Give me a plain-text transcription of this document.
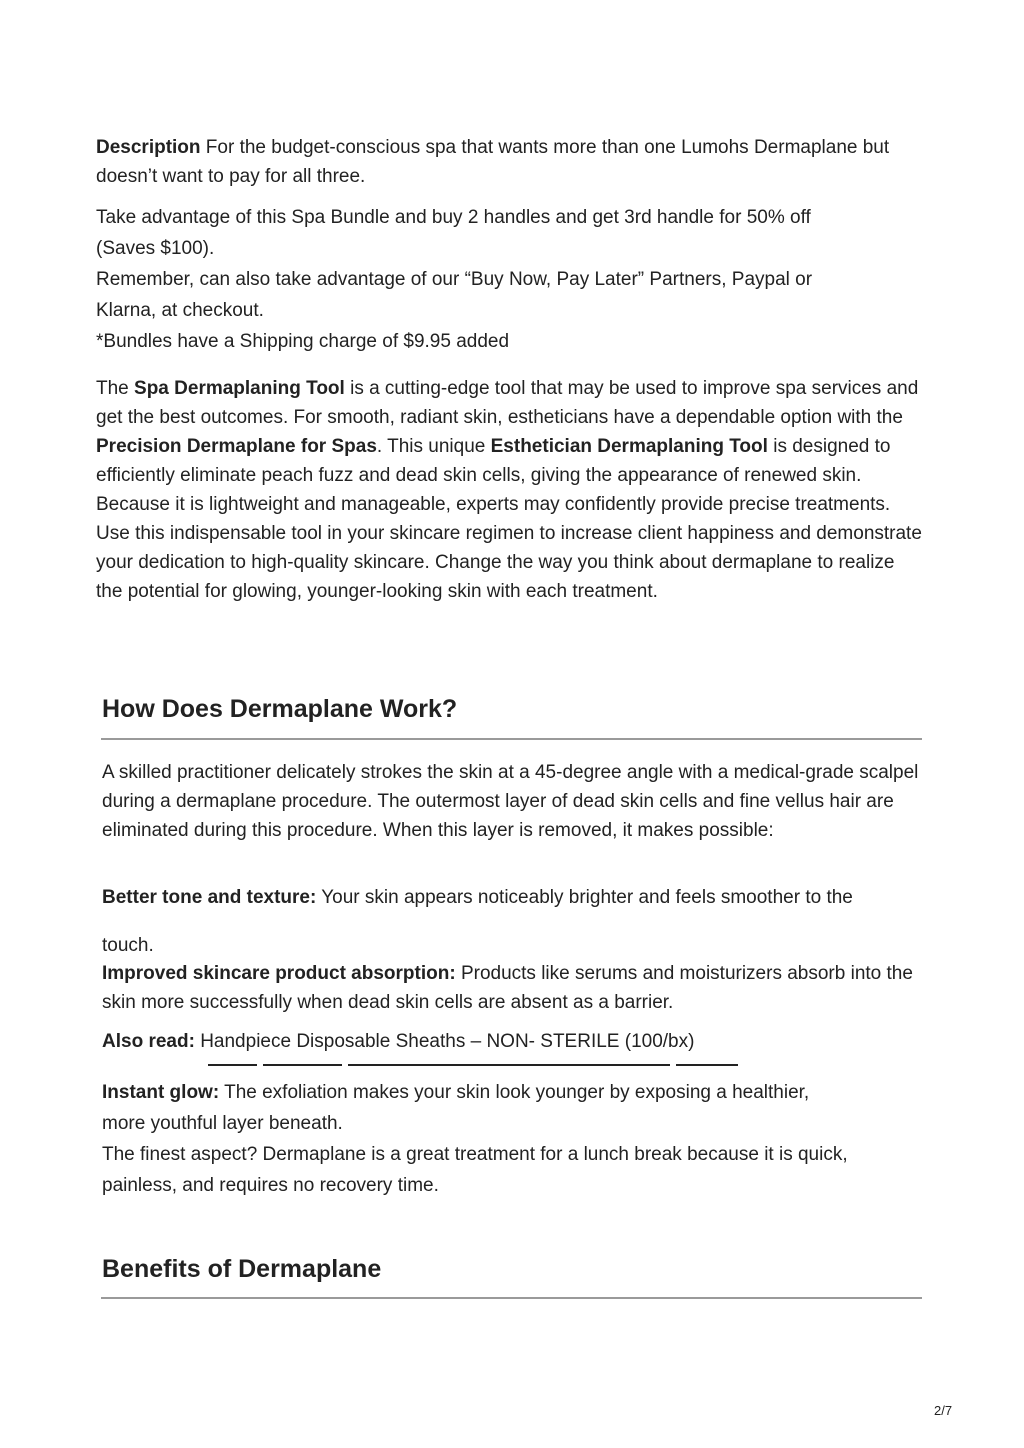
Description For the budget-conscious spa that wants more than one Lumohs Dermaplane but doesn’t want to pay for all three.

Take advantage of this Spa Bundle and buy 2 handles and get 3rd handle for 50% off
(Saves $100).
Remember, can also take advantage of our “Buy Now, Pay Later” Partners, Paypal or
Klarna, at checkout.
*Bundles have a Shipping charge of $9.95 added

The Spa Dermaplaning Tool is a cutting-edge tool that may be used to improve spa services and get the best outcomes. For smooth, radiant skin, estheticians have a dependable option with the Precision Dermaplane for Spas. This unique Esthetician Dermaplaning Tool is designed to efficiently eliminate peach fuzz and dead skin cells, giving the appearance of renewed skin. Because it is lightweight and manageable, experts may confidently provide precise treatments. Use this indispensable tool in your skincare regimen to increase client happiness and demonstrate your dedication to high-quality skincare. Change the way you think about dermaplane to realize the potential for glowing, younger-looking skin with each treatment.

How Does Dermaplane Work?

A skilled practitioner delicately strokes the skin at a 45-degree angle with a medical-grade scalpel during a dermaplane procedure. The outermost layer of dead skin cells and fine vellus hair are eliminated during this procedure. When this layer is removed, it makes possible:

Better tone and texture: Your skin appears noticeably brighter and feels smoother to the

touch.

Improved skincare product absorption: Products like serums and moisturizers absorb into the skin more successfully when dead skin cells are absent as a barrier.

Also read: Handpiece Disposable Sheaths – NON- STERILE (100/bx)

Instant glow: The exfoliation makes your skin look younger by exposing a healthier,
more youthful layer beneath.
The finest aspect? Dermaplane is a great treatment for a lunch break because it is quick,
painless, and requires no recovery time.

Benefits of Dermaplane
2/7
